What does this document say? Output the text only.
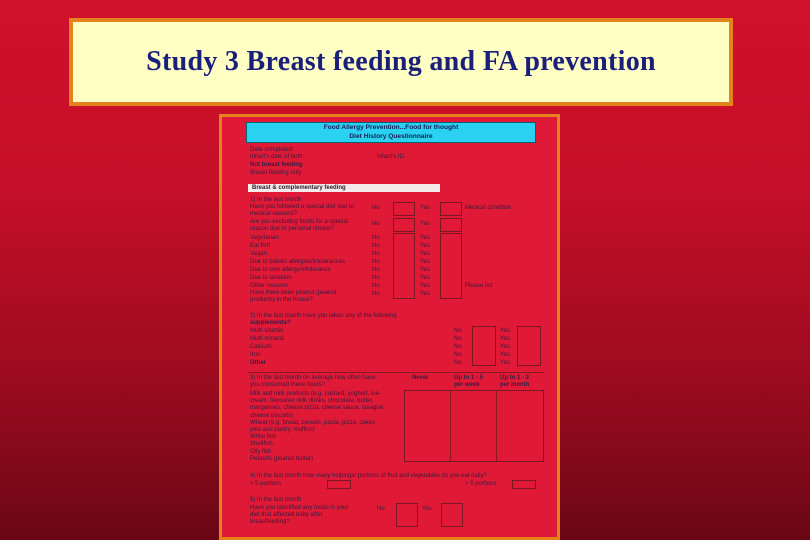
Study 3 Breast feeding and FA prevention
Food Allergy Prevention...Food for thought
Diet History Questionnaire
Date completed:
Infant's date of birth:	Infant's ID:
Not breast feeding
Breast feeding only
Breast & complementary feeding
1) In the last month
Have you followed a special diet due to
medical reasons?
No	Yes	Medical condition:
Are you excluding foods for a special
reason due to personal choice?
No	Yes
Have there been peanut (peanut
products) in the house?
No	Yes
Please list
2) In the last month have you taken any of the following
supplements?
3) In the last month on average how often have
you consumed these foods?
Never	Up to 1 - 5
per week
Up to 1 - 2
per month
4) In the last month how many helpings/ portions of fruit and vegetables do you eat daily?
< 5 portions	> 5 portions
5) In the last month
Have you identified any foods in your
diet that affected baby after
breastfeeding?
No	Yes
Vegetarian	No	Yes
Eat fish	No	Yes
Vegan	No	Yes
Due to babies allergies/intolerances	No	Yes
Due to own allergy/intolerance	No	Yes
Due to lactation	No	Yes
Other reasons	No	Yes
Multi vitamin	No	Yes
Multi mineral	No	Yes
Calcium	No	Yes
Iron	No	Yes
Other	No	Yes
Milk and milk products (e.g. custard, yoghurt, ice-
cream, flavoured milk drinks, chocolate, butter,
margarines, cheese pizza, cheese sauce, lasagne,
cheese biscuits)
Wheat (e.g. bread, cereals, pasta, pizza, cakes,
pies and pastry, muffins)
White fish
Shellfish
Oily fish
Peanuts (peanut butter)
